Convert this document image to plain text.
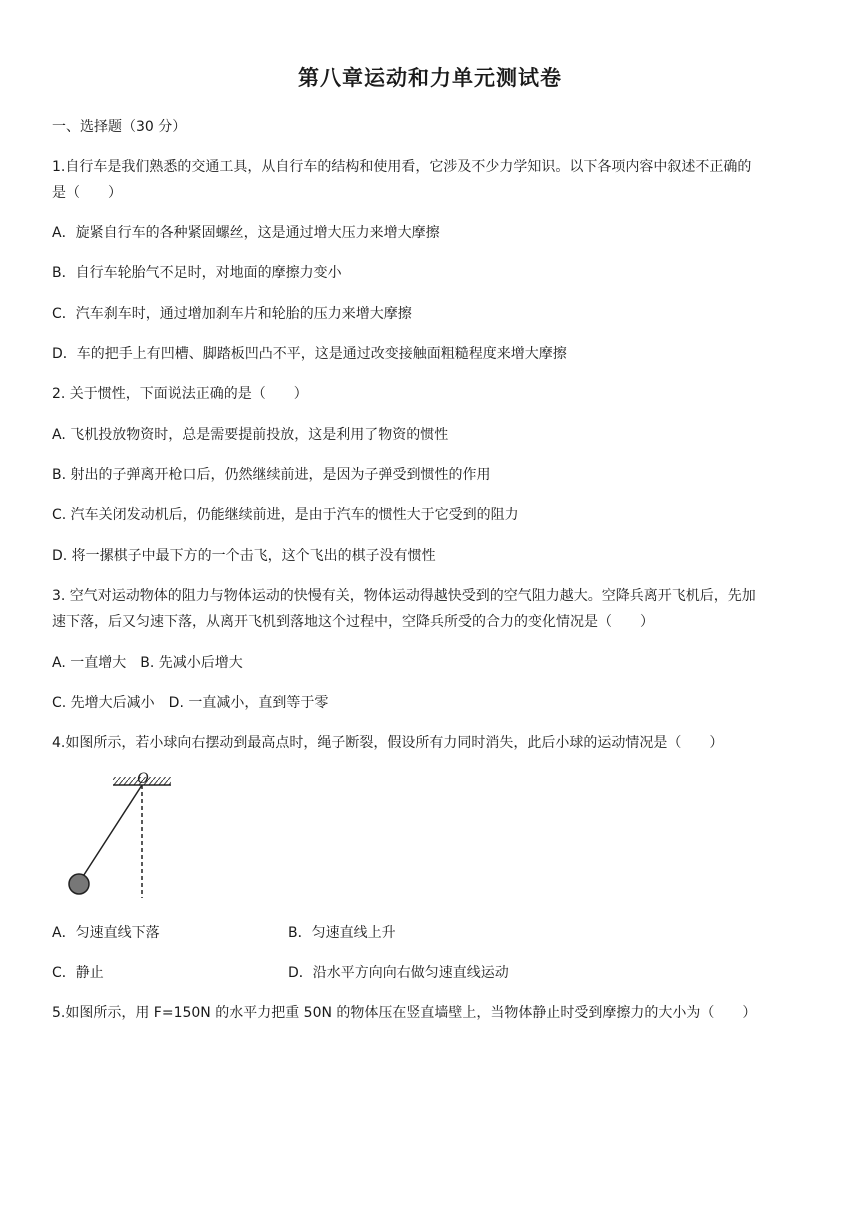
第八章运动和力单元测试卷
一、选择题（30 分）
1.自行车是我们熟悉的交通工具，从自行车的结构和使用看，它涉及不少力学知识。以下各项内容中叙述不正确的
是（　　）
A．旋紧自行车的各种紧固螺丝，这是通过增大压力来增大摩擦
B．自行车轮胎气不足时，对地面的摩擦力变小
C．汽车刹车时，通过增加刹车片和轮胎的压力来增大摩擦
D．车的把手上有凹槽、脚踏板凹凸不平，这是通过改变接触面粗糙程度来增大摩擦
2. 关于惯性，下面说法正确的是（　　）
A. 飞机投放物资时，总是需要提前投放，这是利用了物资的惯性
B. 射出的子弹离开枪口后，仍然继续前进，是因为子弹受到惯性的作用
C. 汽车关闭发动机后，仍能继续前进，是由于汽车的惯性大于它受到的阻力
D. 将一摞棋子中最下方的一个击飞，这个飞出的棋子没有惯性
3. 空气对运动物体的阻力与物体运动的快慢有关，物体运动得越快受到的空气阻力越大。空降兵离开飞机后，先加
速下落，后又匀速下落，从离开飞机到落地这个过程中，空降兵所受的合力的变化情况是（　　）
A. 一直增大　B. 先减小后增大
C. 先增大后减小　D. 一直减小，直到等于零
4.如图所示，若小球向右摆动到最高点时，绳子断裂，假设所有力同时消失，此后小球的运动情况是（　　）
O
A．匀速直线下落	B．匀速直线上升
C．静止	D．沿水平方向向右做匀速直线运动
5.如图所示，用 F=150N 的水平力把重 50N 的物体压在竖直墙壁上，当物体静止时受到摩擦力的大小为（　　）
